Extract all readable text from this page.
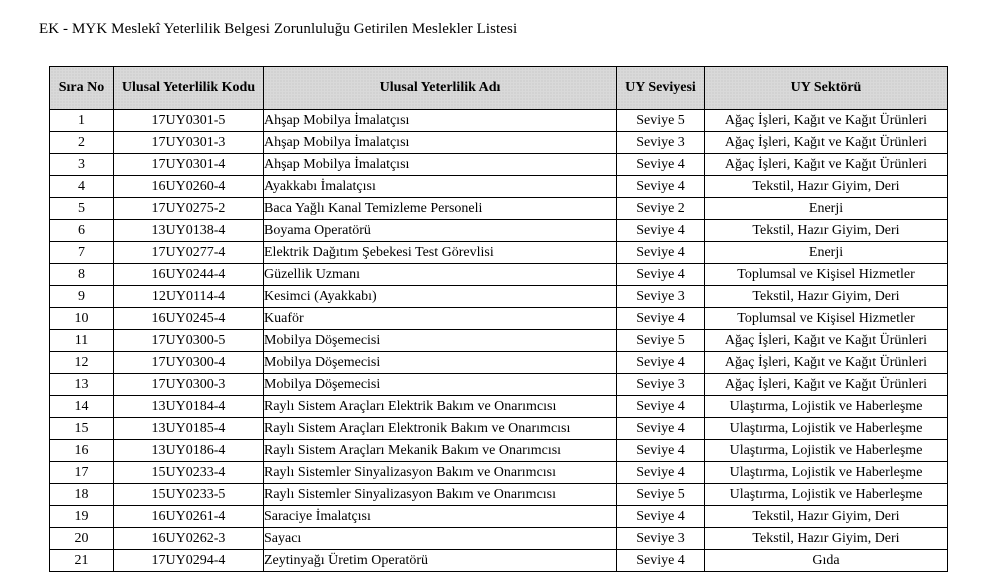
EK - MYK Meslekî Yeterlilik Belgesi Zorunluluğu Getirilen Meslekler Listesi
Sıra No	Ulusal Yeterlilik Kodu	Ulusal Yeterlilik Adı	UY Seviyesi	UY Sektörü
1	17UY0301-5	Ahşap Mobilya İmalatçısı	Seviye 5	Ağaç İşleri, Kağıt ve Kağıt Ürünleri
2	17UY0301-3	Ahşap Mobilya İmalatçısı	Seviye 3	Ağaç İşleri, Kağıt ve Kağıt Ürünleri
3	17UY0301-4	Ahşap Mobilya İmalatçısı	Seviye 4	Ağaç İşleri, Kağıt ve Kağıt Ürünleri
4	16UY0260-4	Ayakkabı İmalatçısı	Seviye 4	Tekstil, Hazır Giyim, Deri
5	17UY0275-2	Baca Yağlı Kanal Temizleme Personeli	Seviye 2	Enerji
6	13UY0138-4	Boyama Operatörü	Seviye 4	Tekstil, Hazır Giyim, Deri
7	17UY0277-4	Elektrik Dağıtım Şebekesi Test Görevlisi	Seviye 4	Enerji
8	16UY0244-4	Güzellik Uzmanı	Seviye 4	Toplumsal ve Kişisel Hizmetler
9	12UY0114-4	Kesimci (Ayakkabı)	Seviye 3	Tekstil, Hazır Giyim, Deri
10	16UY0245-4	Kuaför	Seviye 4	Toplumsal ve Kişisel Hizmetler
11	17UY0300-5	Mobilya Döşemecisi	Seviye 5	Ağaç İşleri, Kağıt ve Kağıt Ürünleri
12	17UY0300-4	Mobilya Döşemecisi	Seviye 4	Ağaç İşleri, Kağıt ve Kağıt Ürünleri
13	17UY0300-3	Mobilya Döşemecisi	Seviye 3	Ağaç İşleri, Kağıt ve Kağıt Ürünleri
14	13UY0184-4	Raylı Sistem Araçları Elektrik Bakım ve Onarımcısı	Seviye 4	Ulaştırma, Lojistik ve Haberleşme
15	13UY0185-4	Raylı Sistem Araçları Elektronik Bakım ve Onarımcısı	Seviye 4	Ulaştırma, Lojistik ve Haberleşme
16	13UY0186-4	Raylı Sistem Araçları Mekanik Bakım ve Onarımcısı	Seviye 4	Ulaştırma, Lojistik ve Haberleşme
17	15UY0233-4	Raylı Sistemler Sinyalizasyon Bakım ve Onarımcısı	Seviye 4	Ulaştırma, Lojistik ve Haberleşme
18	15UY0233-5	Raylı Sistemler Sinyalizasyon Bakım ve Onarımcısı	Seviye 5	Ulaştırma, Lojistik ve Haberleşme
19	16UY0261-4	Saraciye İmalatçısı	Seviye 4	Tekstil, Hazır Giyim, Deri
20	16UY0262-3	Sayacı	Seviye 3	Tekstil, Hazır Giyim, Deri
21	17UY0294-4	Zeytinyağı Üretim Operatörü	Seviye 4	Gıda
